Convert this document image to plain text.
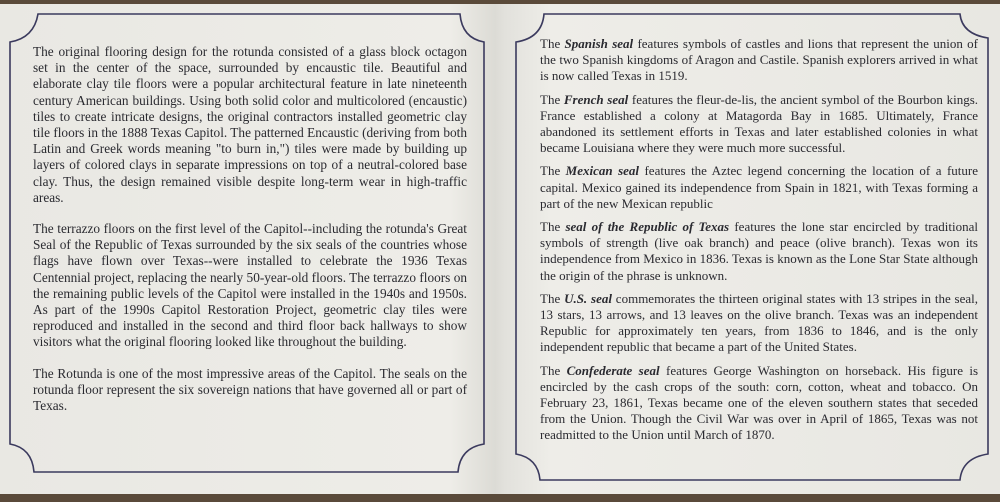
The original flooring design for the rotunda consisted of a glass block octagon set in the center of the space, surrounded by encaustic tile. Beautiful and elaborate clay tile floors were a popular architectural feature in late nineteenth century American buildings. Using both solid color and multicolored (encaustic) tiles to create intricate designs, the original contractors installed geometric clay tile floors in the 1888 Texas Capitol. The patterned Encaustic (deriving from both Latin and Greek words meaning "to burn in,") tiles were made by building up layers of colored clays in separate impressions on top of a neutral-colored base clay. Thus, the design remained visible despite long-term wear in high-traffic areas.

The terrazzo floors on the first level of the Capitol--including the rotunda's Great Seal of the Republic of Texas surrounded by the six seals of the countries whose flags have flown over Texas--were installed to celebrate the 1936 Texas Centennial project, replacing the nearly 50-year-old floors. The terrazzo floors on the remaining public levels of the Capitol were installed in the 1940s and 1950s. As part of the 1990s Capitol Restoration Project, geometric clay tiles were reproduced and installed in the second and third floor back hallways to show visitors what the original flooring looked like throughout the building.

The Rotunda is one of the most impressive areas of the Capitol. The seals on the rotunda floor represent the six sovereign nations that have governed all or part of Texas.

The Spanish seal features symbols of castles and lions that represent the union of the two Spanish kingdoms of Aragon and Castile. Spanish explorers arrived in what is now called Texas in 1519.

The French seal features the fleur-de-lis, the ancient symbol of the Bourbon kings. France established a colony at Matagorda Bay in 1685. Ultimately, France abandoned its settlement efforts in Texas and later established colonies in what became Louisiana where they were much more successful.

The Mexican seal features the Aztec legend concerning the location of a future capital. Mexico gained its independence from Spain in 1821, with Texas forming a part of the new Mexican republic

The seal of the Republic of Texas features the lone star encircled by traditional symbols of strength (live oak branch) and peace (olive branch). Texas won its independence from Mexico in 1836. Texas is known as the Lone Star State although the origin of the phrase is unknown.

The U.S. seal commemorates the thirteen original states with 13 stripes in the seal, 13 stars, 13 arrows, and 13 leaves on the olive branch. Texas was an independent Republic for approximately ten years, from 1836 to 1846, and is the only independent republic that became a part of the United States.

The Confederate seal features George Washington on horseback. His figure is encircled by the cash crops of the south: corn, cotton, wheat and tobacco. On February 23, 1861, Texas became one of the eleven southern states that seceded from the Union. Though the Civil War was over in April of 1865, Texas was not readmitted to the Union until March of 1870.
